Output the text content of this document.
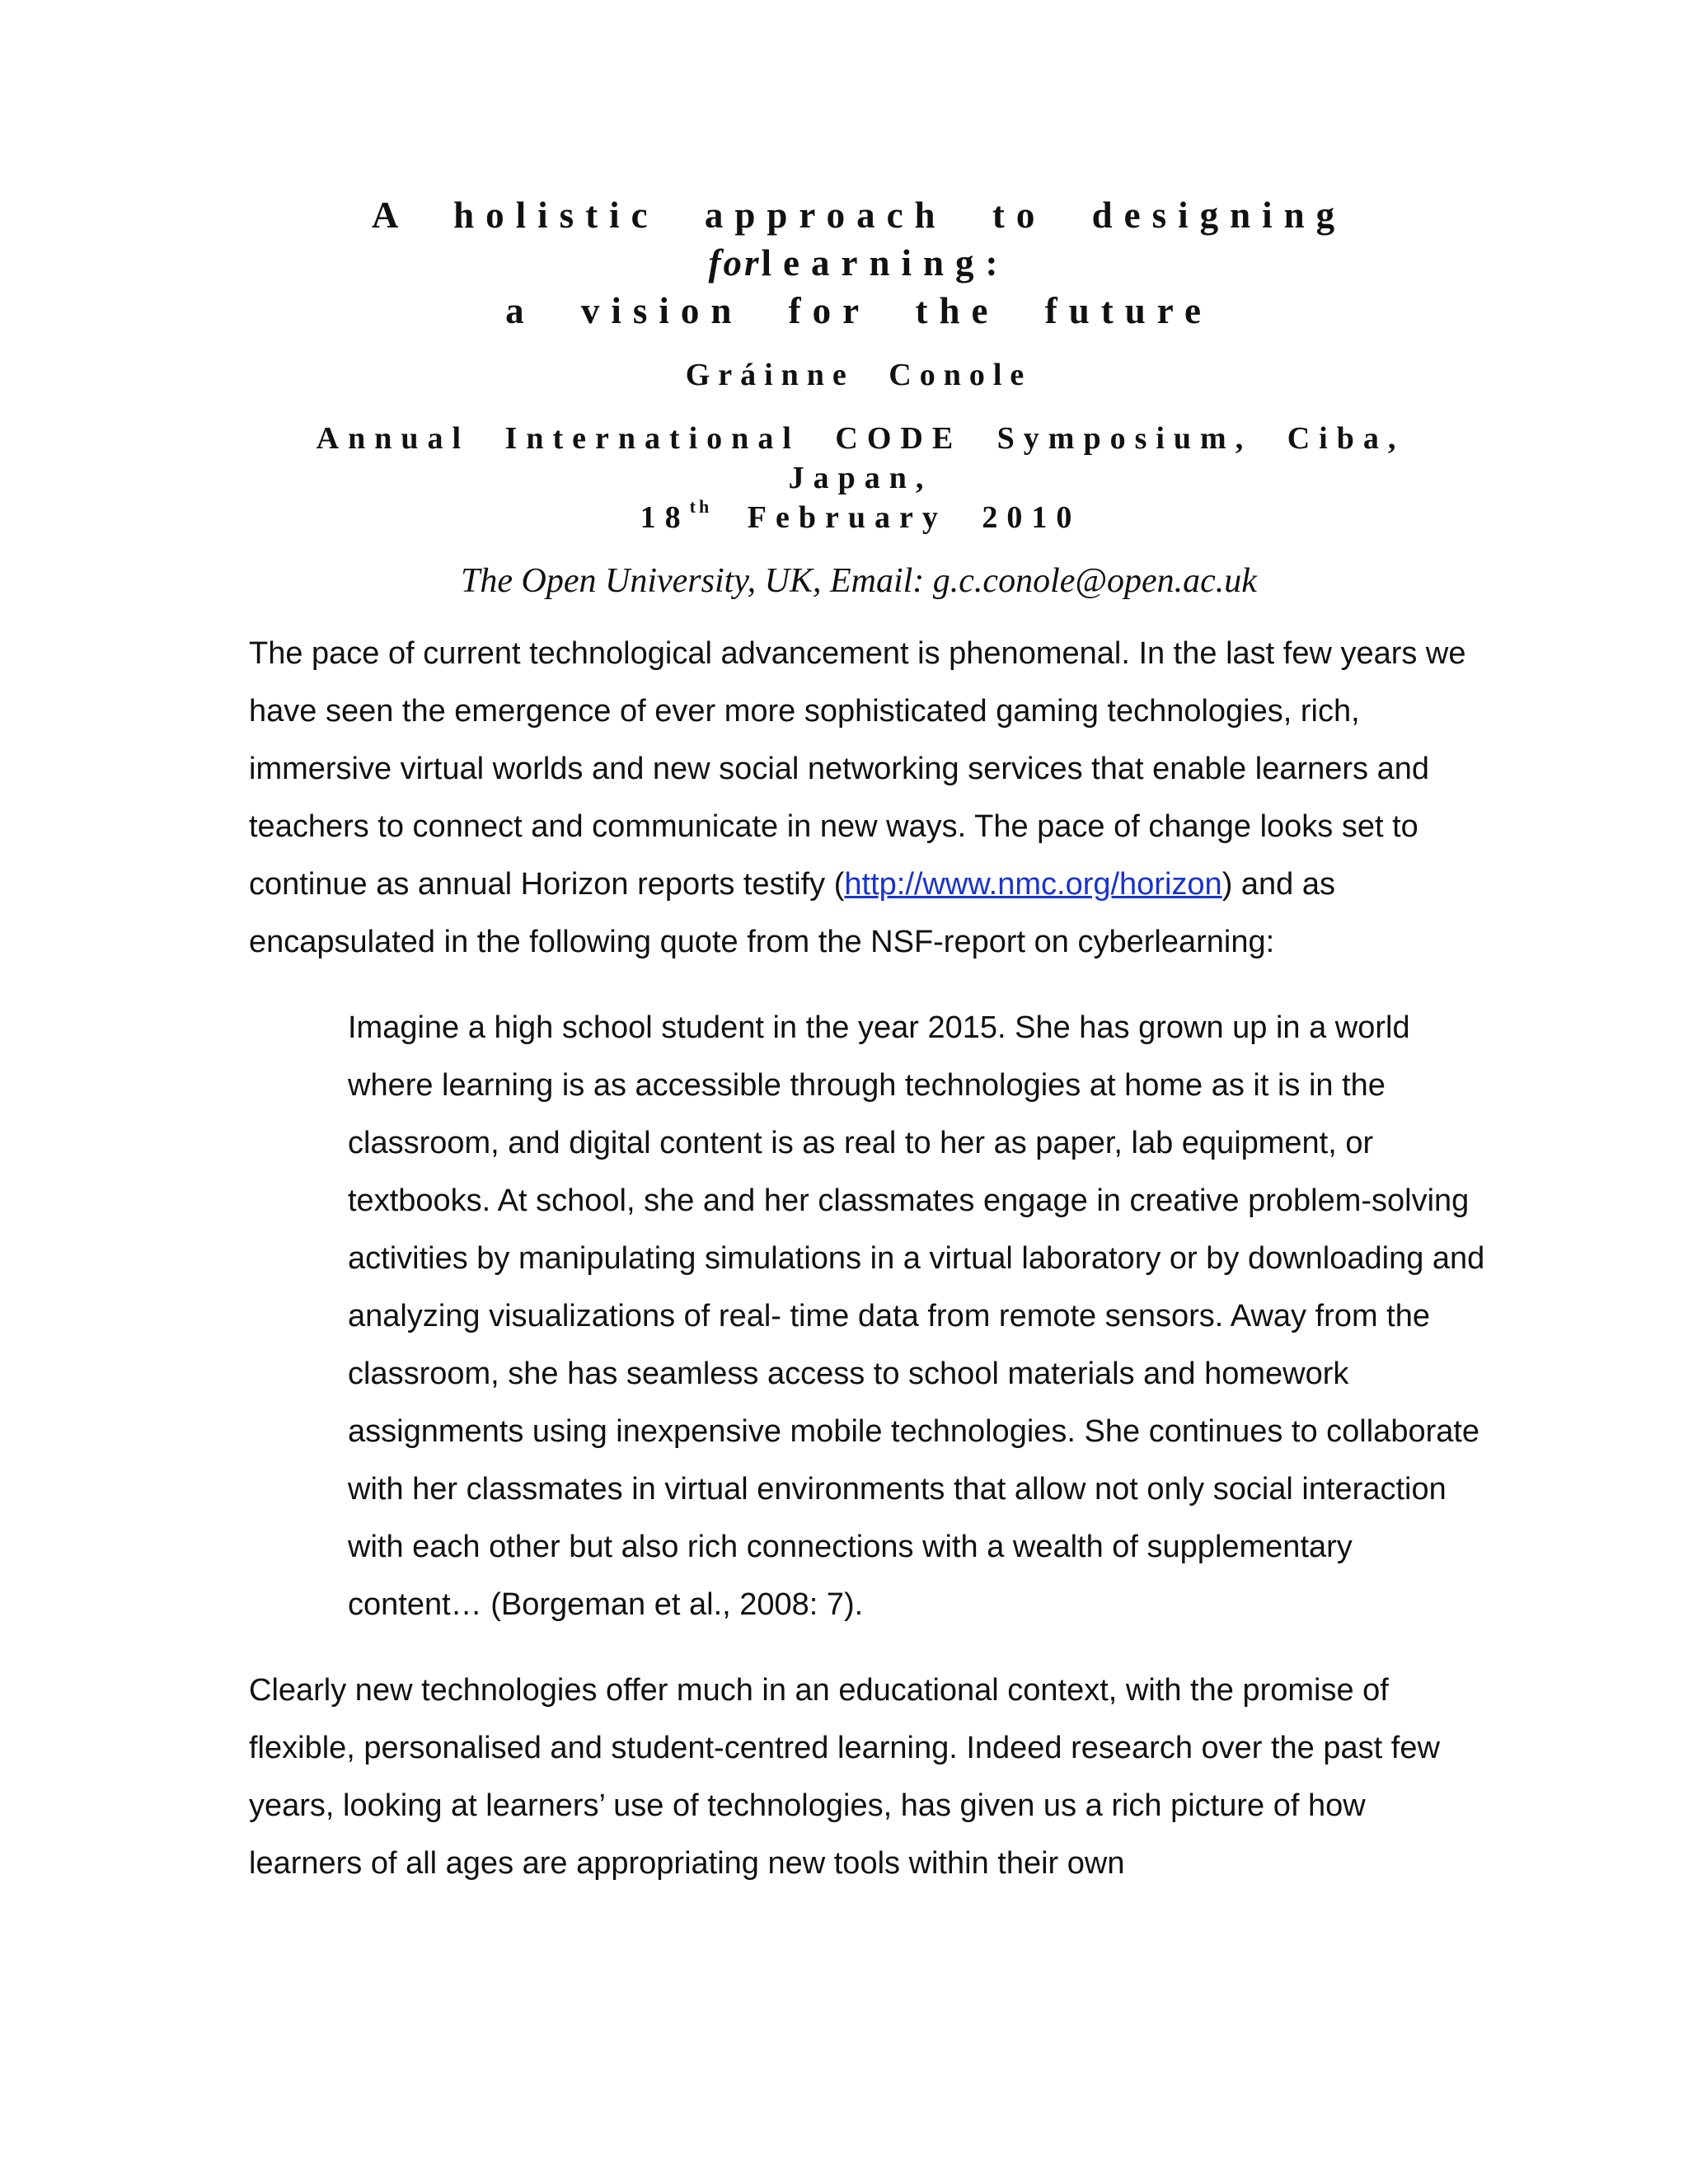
A holistic approach to designing forlearning:
a vision for the future
Gráinne Conole
Annual International CODE Symposium, Ciba, Japan,
18th February 2010
The Open University, UK, Email: g.c.conole@open.ac.uk

The pace of current technological advancement is phenomenal. In the last few years we have seen the emergence of ever more sophisticated gaming technologies, rich, immersive virtual worlds and new social networking services that enable learners and teachers to connect and communicate in new ways. The pace of change looks set to continue as annual Horizon reports testify (http://www.nmc.org/horizon) and as encapsulated in the following quote from the NSF-report on cyberlearning:

Imagine a high school student in the year 2015. She has grown up in a world where learning is as accessible through technologies at home as it is in the classroom, and digital content is as real to her as paper, lab equipment, or textbooks. At school, she and her classmates engage in creative problem-solving activities by manipulating simulations in a virtual laboratory or by downloading and analyzing visualizations of real- time data from remote sensors. Away from the classroom, she has seamless access to school materials and homework assignments using inexpensive mobile technologies. She continues to collaborate with her classmates in virtual environments that allow not only social interaction with each other but also rich connections with a wealth of supplementary content… (Borgeman et al., 2008: 7).

Clearly new technologies offer much in an educational context, with the promise of flexible, personalised and student-centred learning. Indeed research over the past few years, looking at learners’ use of technologies, has given us a rich picture of how learners of all ages are appropriating new tools within their own
